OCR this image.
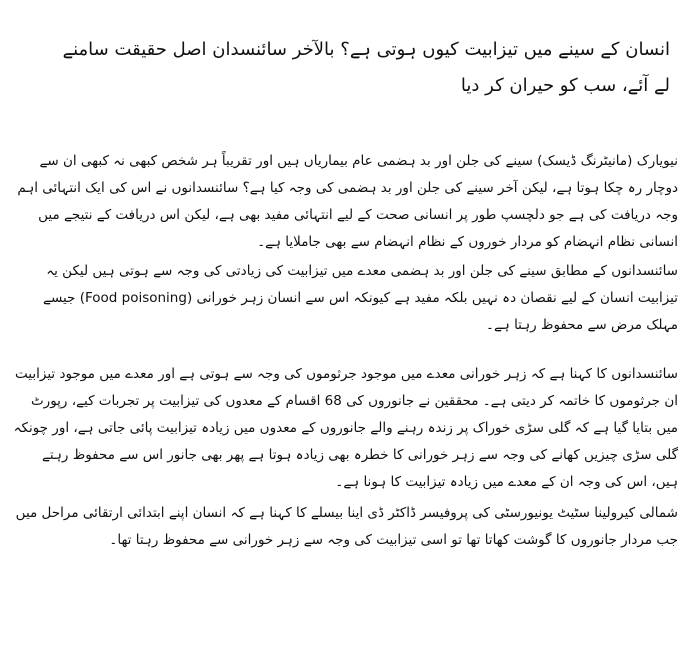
انسان کے سینے میں تیزابیت کیوں ہوتی ہے؟ بالآخر سائنسدان اصل حقیقت سامنے لے آئے، سب کو حیران کر دیا

نیویارک (مانیٹرنگ ڈیسک) سینے کی جلن اور بد ہضمی عام بیماریاں ہیں اور تقریباً ہر شخص کبھی نہ کبھی ان سے دوچار رہ چکا ہوتا ہے، لیکن آخر سینے کی جلن اور بد ہضمی کی وجہ کیا ہے؟ سائنسدانوں نے اس کی ایک انتہائی اہم وجہ دریافت کی ہے جو دلچسپ طور پر انسانی صحت کے لیے انتہائی مفید بھی ہے، لیکن اس دریافت کے نتیجے میں انسانی نظام انہضام کو مردار خوروں کے نظام انہضام سے بھی جاملایا ہے۔

سائنسدانوں کے مطابق سینے کی جلن اور بد ہضمی معدے میں تیزابیت کی زیادتی کی وجہ سے ہوتی ہیں لیکن یہ تیزابیت انسان کے لیے نقصان دہ نہیں بلکہ مفید ہے کیونکہ اس سے انسان زہر خورانی (Food poisoning) جیسے مہلک مرض سے محفوظ رہتا ہے۔

سائنسدانوں کا کہنا ہے کہ زہر خورانی معدے میں موجود جرثوموں کی وجہ سے ہوتی ہے اور معدے میں موجود تیزابیت ان جرثوموں کا خاتمہ کر دیتی ہے۔ محققین نے جانوروں کی 68 اقسام کے معدوں کی تیزابیت پر تجربات کیے، رپورٹ میں بتایا گیا ہے کہ گلی سڑی خوراک پر زندہ رہنے والے جانوروں کے معدوں میں زیادہ تیزابیت پائی جاتی ہے، اور چونکہ گلی سڑی چیزیں کھانے کی وجہ سے زہر خورانی کا خطرہ بھی زیادہ ہوتا ہے پھر بھی جانور اس سے محفوظ رہتے ہیں، اس کی وجہ ان کے معدے میں زیادہ تیزابیت کا ہونا ہے۔

شمالی کیرولینا سٹیٹ یونیورسٹی کی پروفیسر ڈاکٹر ڈی اینا بیسلے کا کہنا ہے کہ انسان اپنے ابتدائی ارتقائی مراحل میں جب مردار جانوروں کا گوشت کھاتا تھا تو اسی تیزابیت کی وجہ سے زہر خورانی سے محفوظ رہتا تھا۔
